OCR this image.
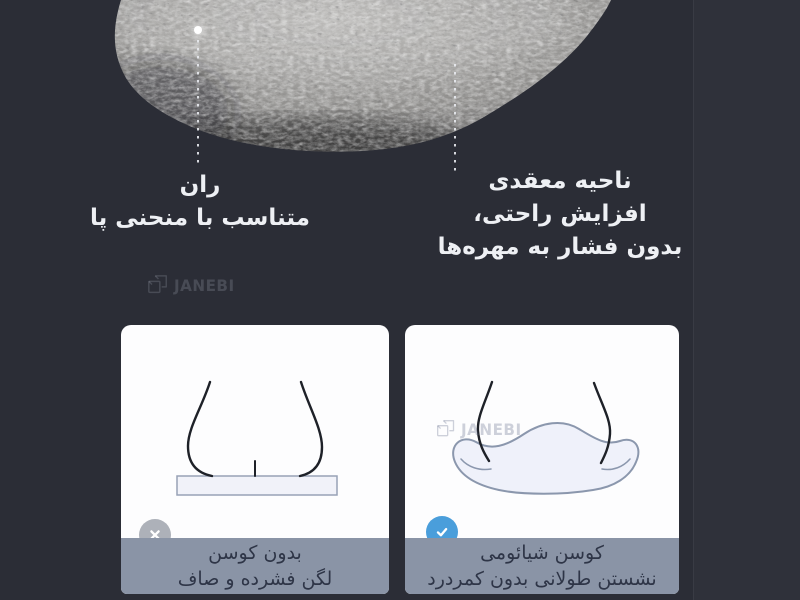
ران
متناسب با منحنی پا
ناحیه معقدی
افزایش راحتی،
بدون فشار به مهره‌ها
JANEBI
بدون کوسن
لگن فشرده و صاف
JANEBI
کوسن شیائومی
نشستن طولانی بدون کمردرد
